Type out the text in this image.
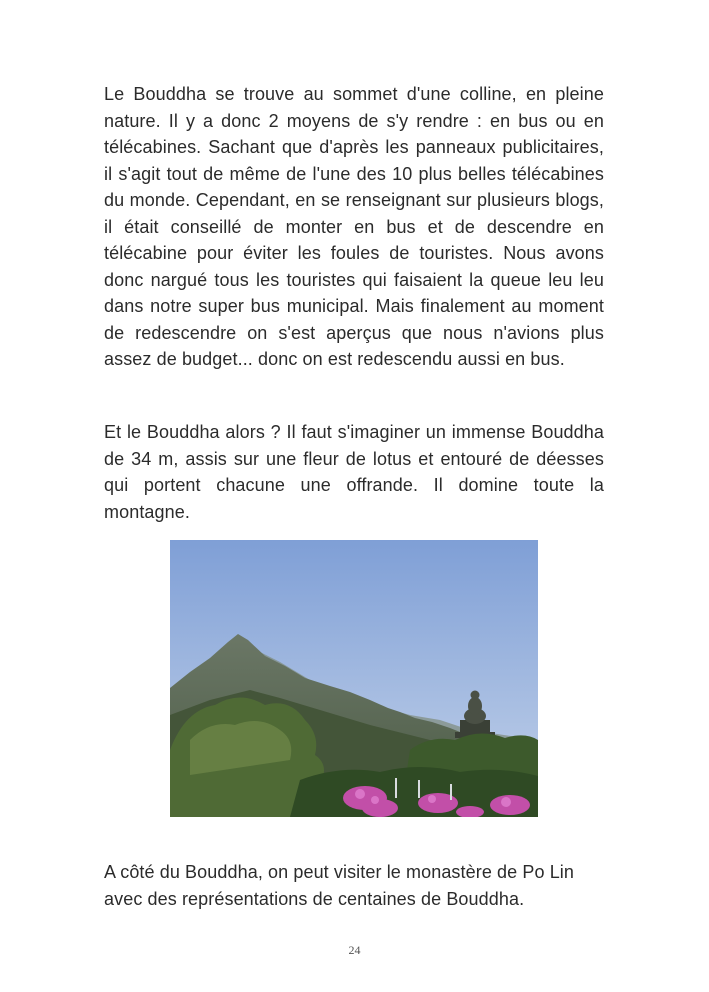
Le Bouddha se trouve au sommet d'une colline, en pleine nature. Il y a donc 2 moyens de s'y rendre : en bus ou en télécabines. Sachant que d'après les panneaux publicitaires, il s'agit tout de même de l'une des 10 plus belles télécabines du monde. Cependant, en se renseignant sur plusieurs blogs, il était conseillé de monter en bus et de descendre en télécabine pour éviter les foules de touristes. Nous avons donc nargué tous les touristes qui faisaient la queue leu leu dans notre super bus municipal. Mais finalement au moment de redescendre on s'est aperçus que nous n'avions plus assez de budget... donc on est redescendu aussi en bus.

Et le Bouddha alors ? Il faut s'imaginer un immense Bouddha de 34 m, assis sur une fleur de lotus et entouré de déesses qui portent chacune une offrande. Il domine toute la montagne.

A côté du Bouddha, on peut visiter le monastère de Po Lin avec des représentations de centaines de Bouddha.

24
